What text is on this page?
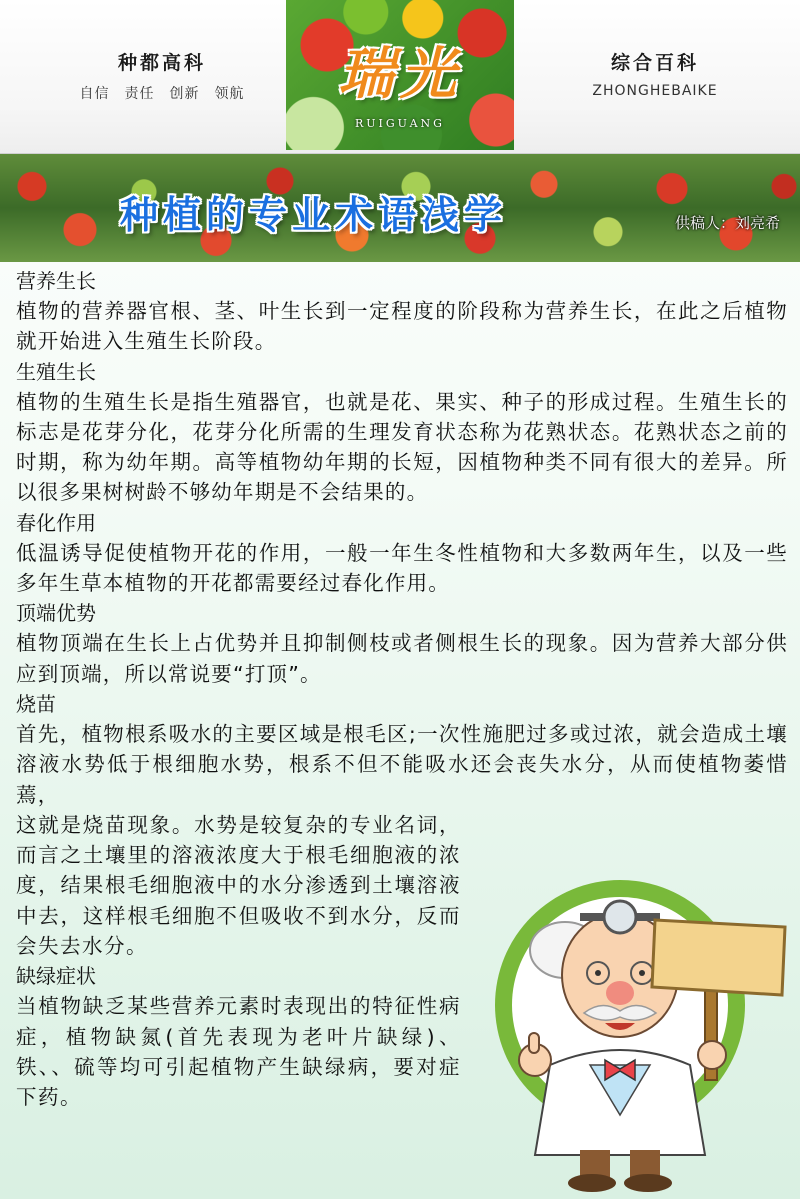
种都高科
自信　责任　创新　领航	瑞光
RUIGUANG
综合百科
ZHONGHEBAIKE
种植的专业术语浅学	供稿人：刘亮希
营养生长
植物的营养器官根、茎、叶生长到一定程度的阶段称为营养生长，在此之后植物就开始进入生殖生长阶段。
生殖生长
植物的生殖生长是指生殖器官，也就是花、果实、种子的形成过程。生殖生长的标志是花芽分化，花芽分化所需的生理发育状态称为花熟状态。花熟状态之前的时期，称为幼年期。高等植物幼年期的长短，因植物种类不同有很大的差异。所以很多果树树龄不够幼年期是不会结果的。
春化作用
低温诱导促使植物开花的作用，一般一年生冬性植物和大多数两年生，以及一些多年生草本植物的开花都需要经过春化作用。
顶端优势
植物顶端在生长上占优势并且抑制侧枝或者侧根生长的现象。因为营养大部分供应到顶端，所以常说要“打顶”。
烧苗
首先，植物根系吸水的主要区域是根毛区;一次性施肥过多或过浓，就会造成土壤溶液水势低于根细胞水势，根系不但不能吸水还会丧失水分，从而使植物萎惜蔫，
这就是烧苗现象。水势是较复杂的专业名词，而言之土壤里的溶液浓度大于根毛细胞液的浓度，结果根毛细胞液中的水分渗透到土壤溶液中去，这样根毛细胞不但吸收不到水分，反而会失去水分。
缺绿症状
当植物缺乏某些营养元素时表现出的特征性病症，植物缺氮(首先表现为老叶片缺绿)、铁、、硫等均可引起植物产生缺绿病，要对症下药。
